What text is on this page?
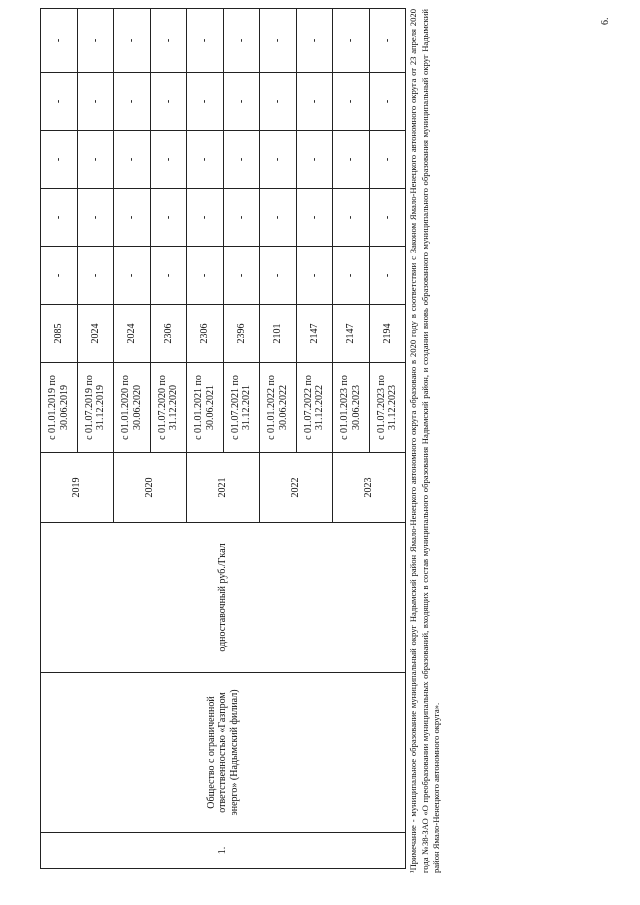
1.	Общество с ограниченной ответственностью «Газпром энерго» (Надымский филиал)	одноставочный руб./Гкал	2019	с 01.01.2019 по 30.06.2019	2085	-	-	-	-	-
				с 01.07.2019 по 31.12.2019	2024	-	-	-	-	-
			2020	с 01.01.2020 по 30.06.2020	2024	-	-	-	-	-
				с 01.07.2020 по 31.12.2020	2306	-	-	-	-	-
			2021	с 01.01.2021 по 30.06.2021	2306	-	-	-	-	-
				с 01.07.2021 по 31.12.2021	2396	-	-	-	-	-
			2022	с 01.01.2022 по 30.06.2022	2101	-	-	-	-	-
				с 01.07.2022 по 31.12.2022	2147	-	-	-	-	-
			2023	с 01.01.2023 по 30.06.2023	2147	-	-	-	-	-
				с 01.07.2023 по 31.12.2023	2194	-	-	-	-	- ¹Примечание - муниципальное образование муниципальный округ Надымский район Ямало-Ненецкого автономного округа образовано в 2020 году в соответствии с Законом Ямало-Ненецкого автономного округа от 23 апреля 2020 года №38-ЗАО «О преобразовании муниципальных образований, входящих в состав муниципального образования Надымский район, и создании вновь образованного муниципального образования муниципальный округ Надымский район Ямало-Ненецкого автономного округа».
6.
